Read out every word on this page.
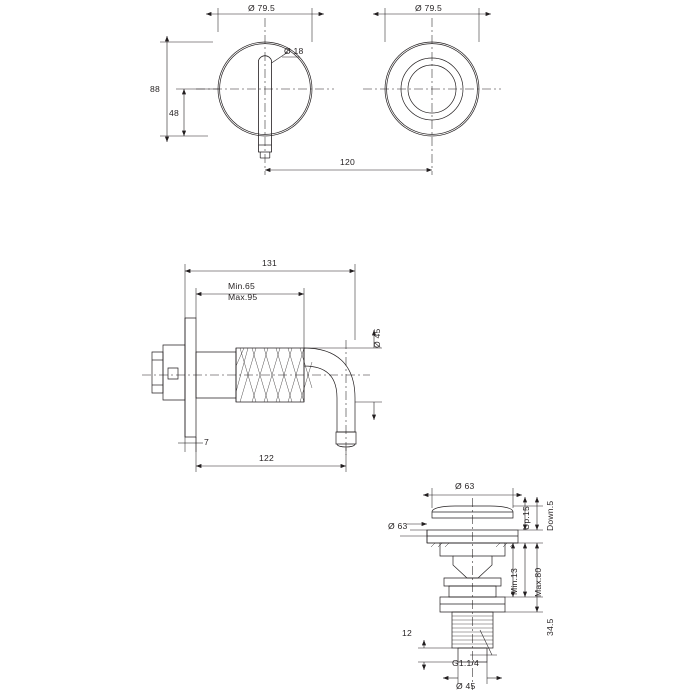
Ø 79.5
Ø 18
88
48
120
Ø 79.5
131
Min.65
Max.95
Ø 45
7
122
Ø 63
Ø 63	Up.15 Down.5
Min.13 Max.80
34.5
12
G1.1/4
Ø 45
